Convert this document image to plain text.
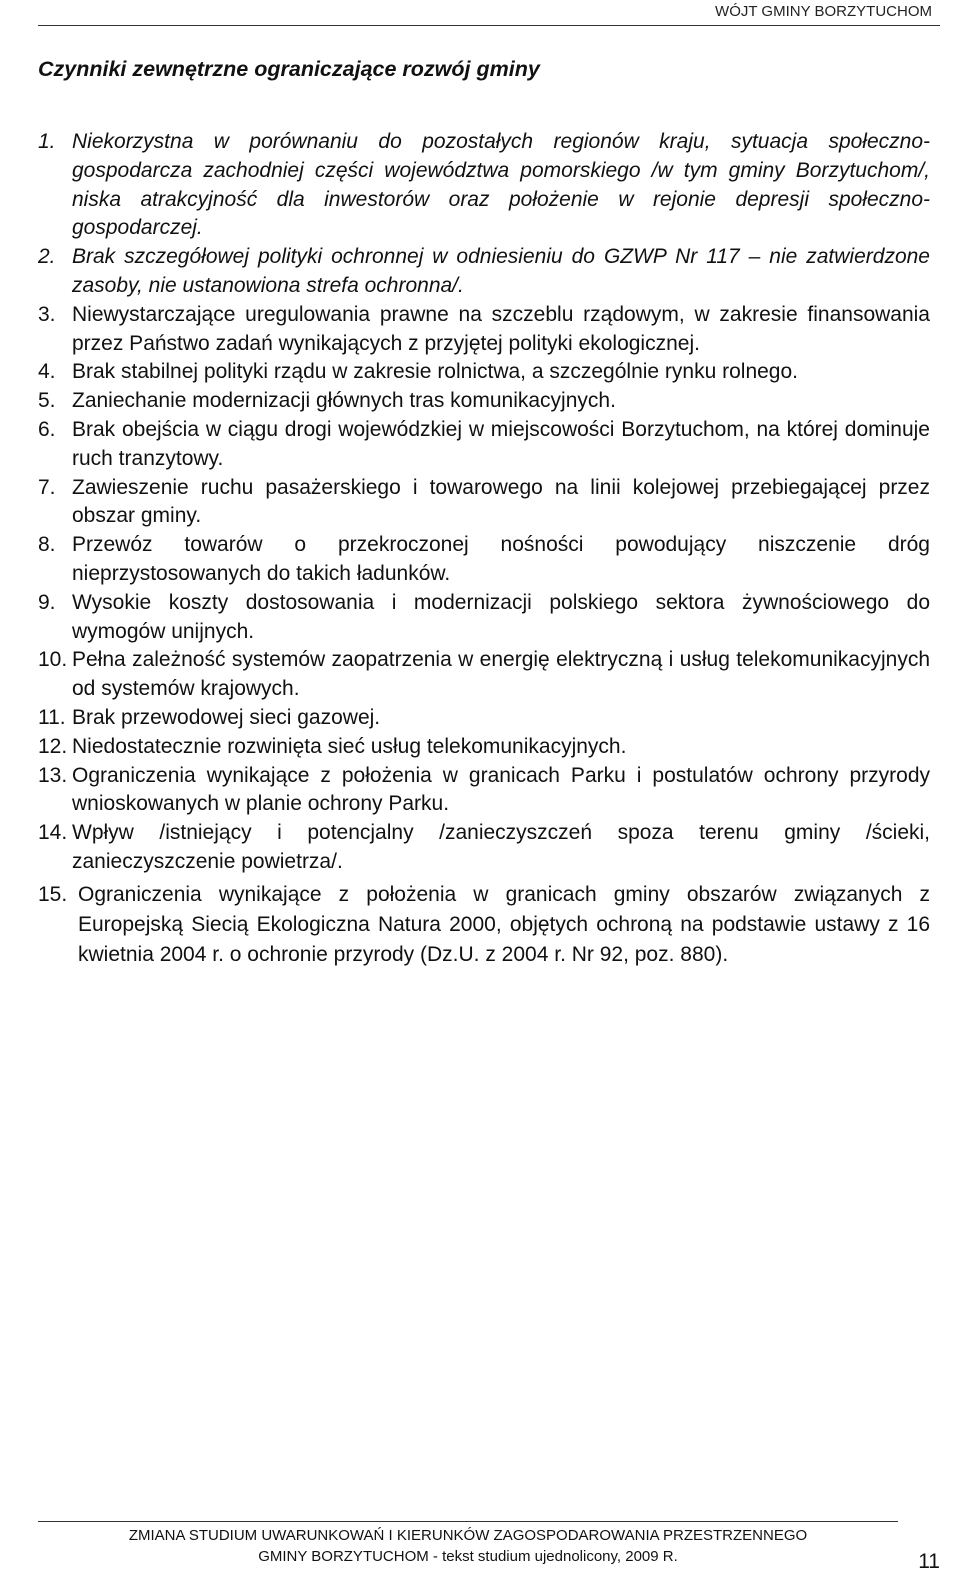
WÓJT GMINY BORZYTUCHOM
Czynniki zewnętrzne ograniczające rozwój gminy
1. Niekorzystna w porównaniu do pozostałych regionów kraju, sytuacja społeczno-gospodarcza zachodniej części województwa pomorskiego /w tym gminy Borzytuchom/, niska atrakcyjność dla inwestorów oraz położenie w rejonie depresji społeczno-gospodarczej.
2. Brak szczegółowej polityki ochronnej w odniesieniu do GZWP Nr 117 – nie zatwierdzone zasoby, nie ustanowiona strefa ochronna/.
3. Niewystarczające uregulowania prawne na szczeblu rządowym, w zakresie finansowania przez Państwo zadań wynikających z przyjętej polityki ekologicznej.
4. Brak stabilnej polityki rządu w zakresie rolnictwa, a szczególnie rynku rolnego.
5. Zaniechanie modernizacji głównych tras komunikacyjnych.
6. Brak obejścia w ciągu drogi wojewódzkiej w miejscowości Borzytuchom, na której dominuje ruch tranzytowy.
7. Zawieszenie ruchu pasażerskiego i towarowego na linii kolejowej przebiegającej przez obszar gminy.
8. Przewóz towarów o przekroczonej nośności powodujący niszczenie dróg nieprzystosowanych do takich ładunków.
9. Wysokie koszty dostosowania i modernizacji polskiego sektora żywnościowego do wymogów unijnych.
10. Pełna zależność systemów zaopatrzenia w energię elektryczną i usług telekomunikacyjnych od systemów krajowych.
11. Brak przewodowej sieci gazowej.
12. Niedostatecznie rozwinięta sieć usług telekomunikacyjnych.
13. Ograniczenia wynikające z położenia w granicach Parku i postulatów ochrony przyrody wnioskowanych w planie ochrony Parku.
14. Wpływ /istniejący i potencjalny /zanieczyszczeń spoza terenu gminy /ścieki, zanieczyszczenie powietrza/.
15. Ograniczenia wynikające z położenia w granicach gminy obszarów związanych z Europejską Siecią Ekologiczna Natura 2000, objętych ochroną na podstawie ustawy z 16 kwietnia 2004 r. o ochronie przyrody (Dz.U. z 2004 r. Nr 92, poz. 880).
ZMIANA STUDIUM UWARUNKOWAŃ I KIERUNKÓW ZAGOSPODAROWANIA PRZESTRZENNEGO
GMINY BORZYTUCHOM - tekst studium ujednolicony, 2009 R.	11
